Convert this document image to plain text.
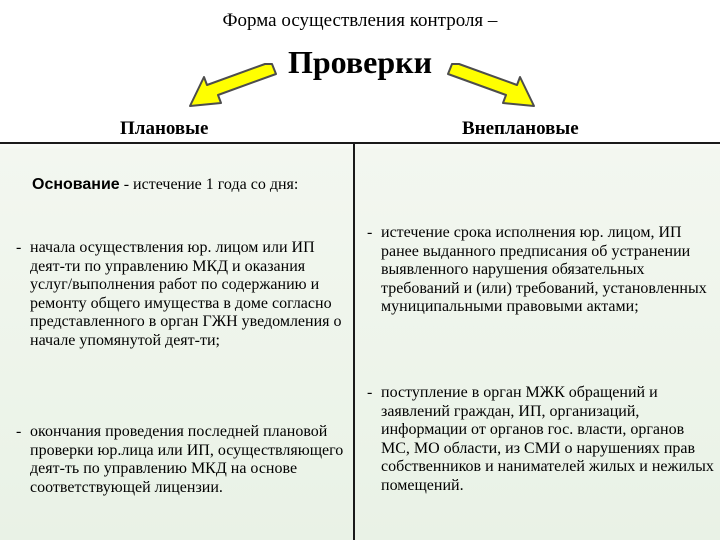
Форма осуществления контроля –
Проверки
Плановые	Внеплановые
Основание - истечение 1 года со дня:
- начала осуществления юр. лицом или ИП деят-ти по управлению МКД и оказания услуг/выполнения работ по содержанию и ремонту общего имущества в доме согласно представленного в орган ГЖН уведомления о начале упомянутой деят-ти;
- окончания проведения последней плановой проверки юр.лица или ИП, осуществляющего деят-ть по управлению МКД на основе соответствующей лицензии.
- истечение срока исполнения юр. лицом, ИП ранее выданного предписания об устранении выявленного нарушения обязательных требований и (или) требований, установленных муниципальными правовыми актами;
- поступление в орган МЖК обращений и заявлений граждан, ИП, организаций, информации от органов гос. власти, органов МС, МО области, из СМИ о нарушениях прав собственников и нанимателей жилых и нежилых помещений.
